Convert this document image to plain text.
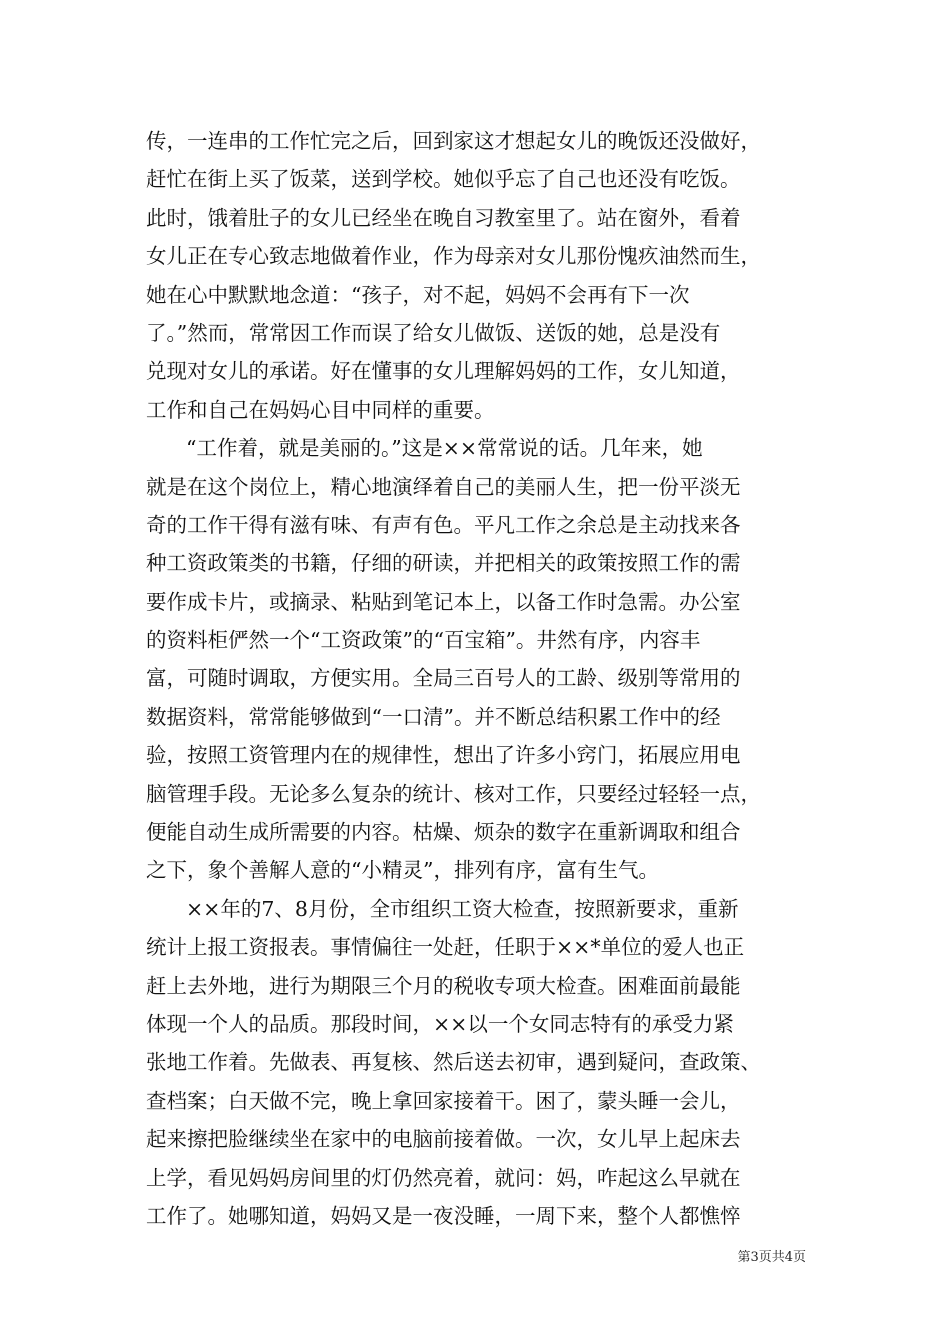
传，一连串的工作忙完之后，回到家这才想起女儿的晚饭还没做好，
赶忙在街上买了饭菜，送到学校。她似乎忘了自己也还没有吃饭。
此时，饿着肚子的女儿已经坐在晚自习教室里了。站在窗外，看着
女儿正在专心致志地做着作业，作为母亲对女儿那份愧疚油然而生，
她在心中默默地念道：“孩子，对不起，妈妈不会再有下一次
了。”然而，常常因工作而误了给女儿做饭、送饭的她，总是没有
兑现对女儿的承诺。好在懂事的女儿理解妈妈的工作，女儿知道，
工作和自己在妈妈心目中同样的重要。
“工作着，就是美丽的。”这是××常常说的话。几年来，她
就是在这个岗位上，精心地演绎着自己的美丽人生，把一份平淡无
奇的工作干得有滋有味、有声有色。平凡工作之余总是主动找来各
种工资政策类的书籍，仔细的研读，并把相关的政策按照工作的需
要作成卡片，或摘录、粘贴到笔记本上，以备工作时急需。办公室
的资料柜俨然一个“工资政策”的“百宝箱”。井然有序，内容丰
富，可随时调取，方便实用。全局三百号人的工龄、级别等常用的
数据资料，常常能够做到“一口清”。并不断总结积累工作中的经
验，按照工资管理内在的规律性，想出了许多小窍门，拓展应用电
脑管理手段。无论多么复杂的统计、核对工作，只要经过轻轻一点，
便能自动生成所需要的内容。枯燥、烦杂的数字在重新调取和组合
之下，象个善解人意的“小精灵”，排列有序，富有生气。
××年的7、8月份，全市组织工资大检查，按照新要求，重新
统计上报工资报表。事情偏往一处赶，任职于××*单位的爱人也正
赶上去外地，进行为期限三个月的税收专项大检查。困难面前最能
体现一个人的品质。那段时间，××以一个女同志特有的承受力紧
张地工作着。先做表、再复核、然后送去初审，遇到疑问，查政策、
查档案；白天做不完，晚上拿回家接着干。困了，蒙头睡一会儿，
起来擦把脸继续坐在家中的电脑前接着做。一次，女儿早上起床去
上学，看见妈妈房间里的灯仍然亮着，就问：妈，咋起这么早就在
工作了。她哪知道，妈妈又是一夜没睡，一周下来，整个人都憔悴
第3页共4页
